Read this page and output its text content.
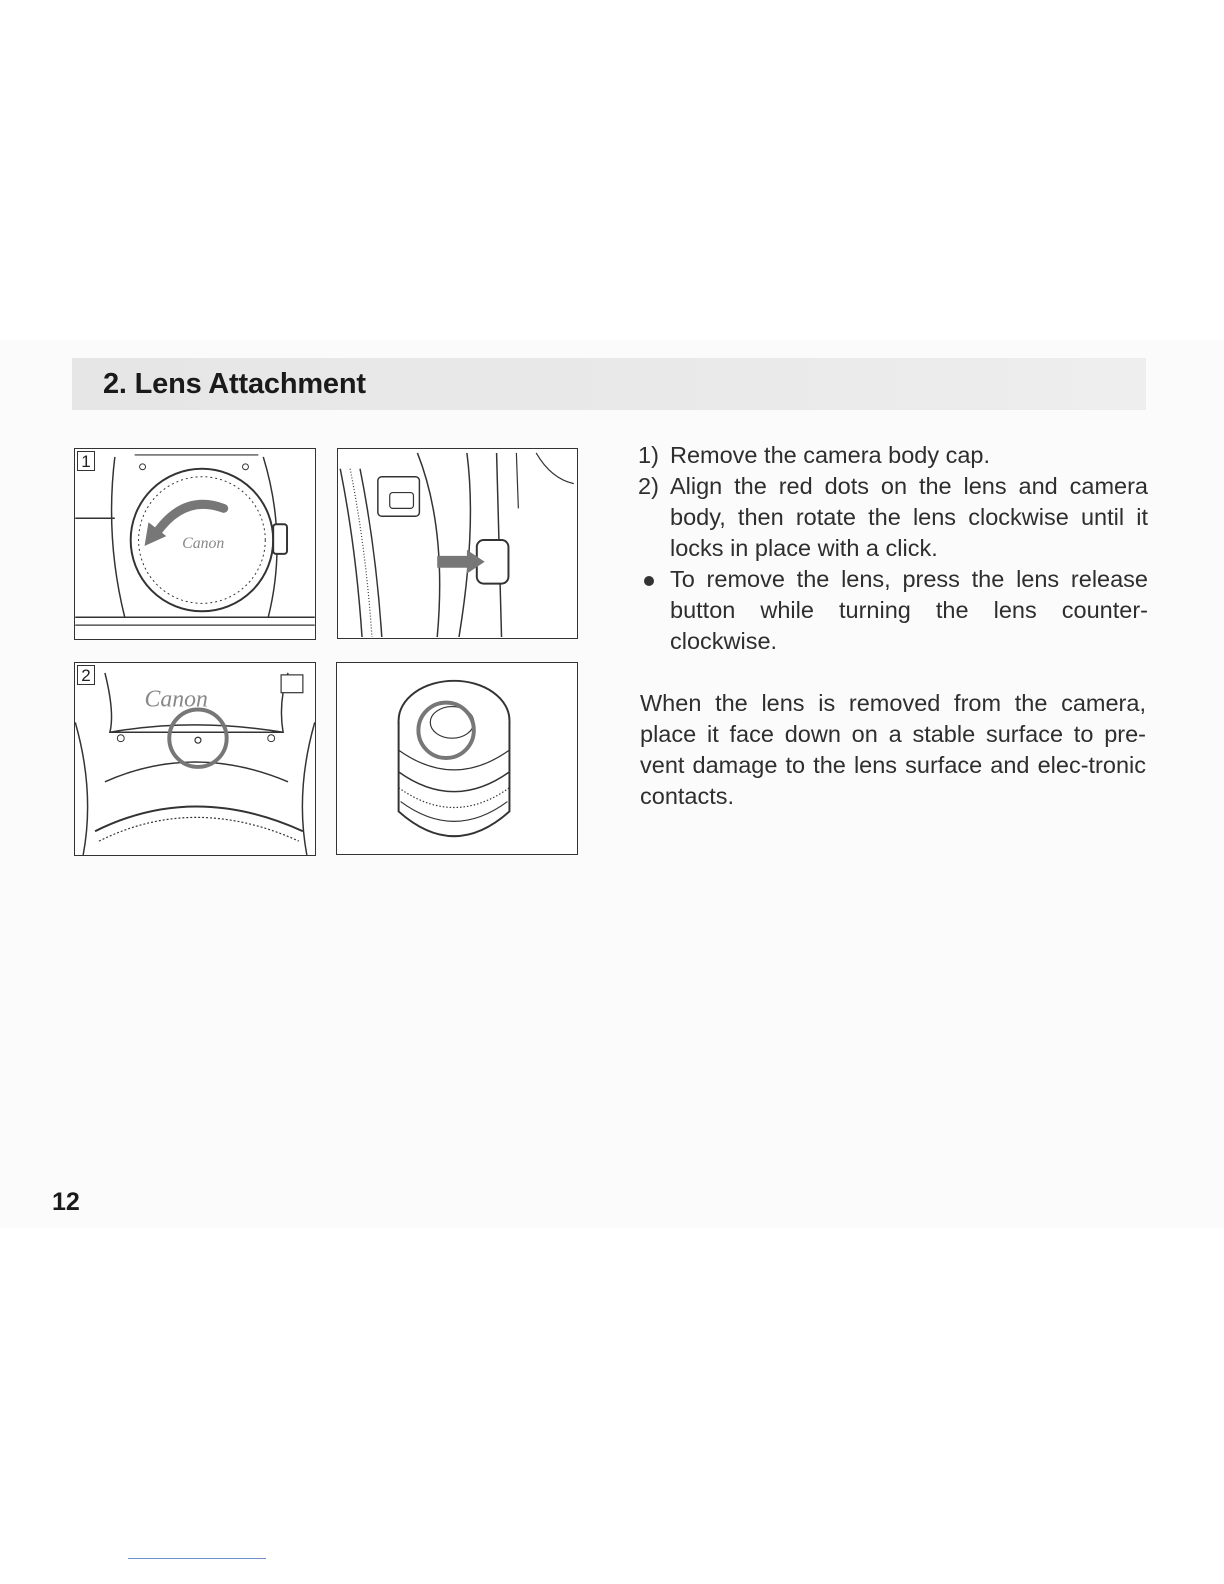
2. Lens Attachment
Canon
1
Canon
2
1) Remove the camera body cap.
2) Align the red dots on the lens and camera body, then rotate the lens clockwise until it locks in place with a click.
To remove the lens, press the lens release button while turning the lens counter-clockwise.

When the lens is removed from the camera, place it face down on a stable surface to pre-vent damage to the lens surface and elec-tronic contacts.

12
